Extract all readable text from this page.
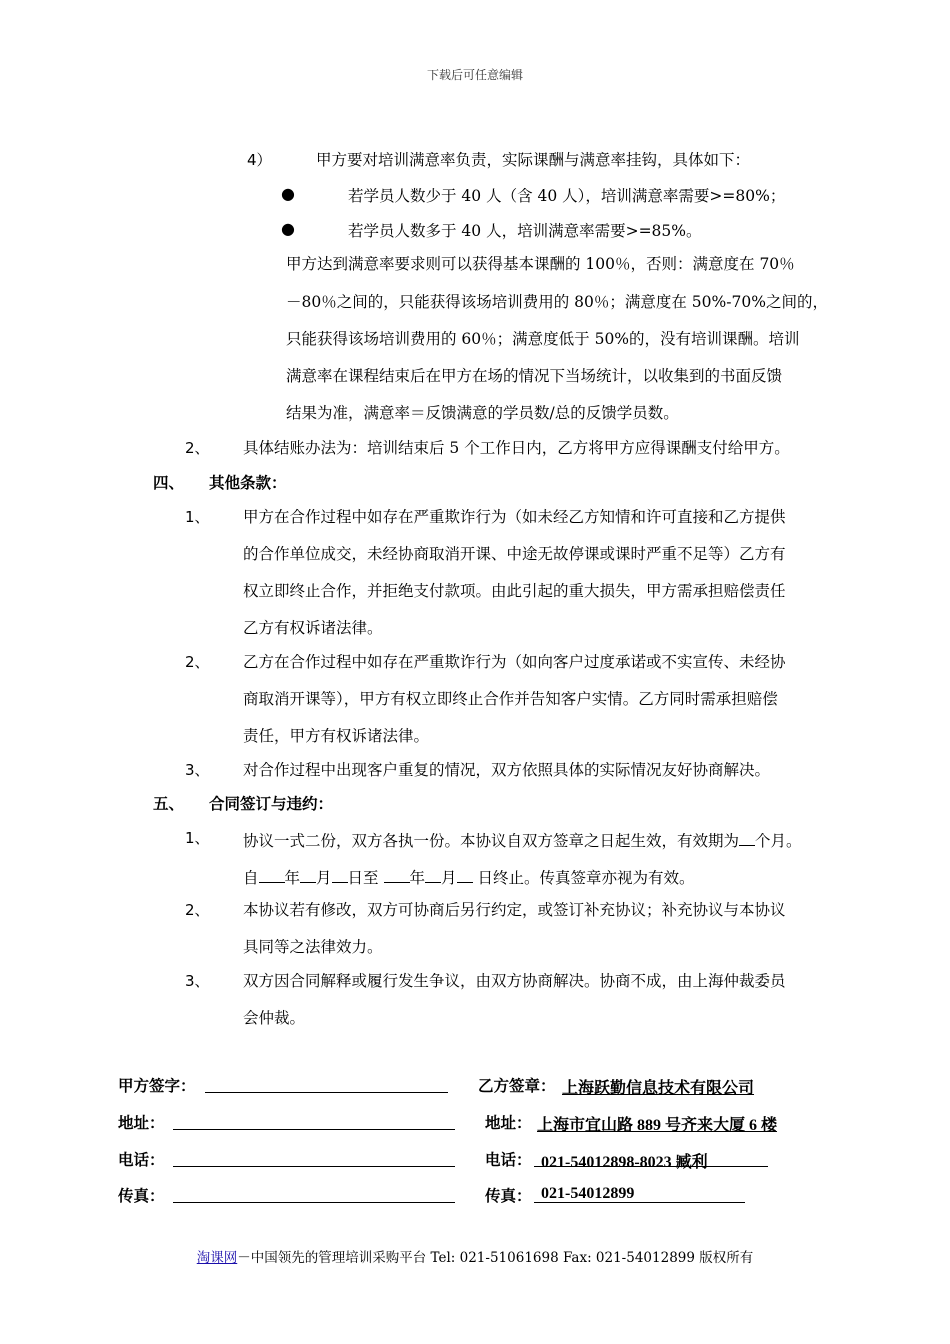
下载后可任意编辑
4）	甲方要对培训满意率负责，实际课酬与满意率挂钩，具体如下：
●	若学员人数少于 40 人（含 40 人），培训满意率需要>=80%；
●	若学员人数多于 40 人，培训满意率需要>=85%。
甲方达到满意率要求则可以获得基本课酬的 100％，否则：满意度在 70％
－80％之间的，只能获得该场培训费用的 80％；满意度在 50%-70%之间的，
只能获得该场培训费用的 60％；满意度低于 50%的，没有培训课酬。培训
满意率在课程结束后在甲方在场的情况下当场统计，以收集到的书面反馈
结果为准，满意率＝反馈满意的学员数/总的反馈学员数。
2、 具体结账办法为：培训结束后 5 个工作日内，乙方将甲方应得课酬支付给甲方。
四、 其他条款：
1、 甲方在合作过程中如存在严重欺诈行为（如未经乙方知情和许可直接和乙方提供
的合作单位成交，未经协商取消开课、中途无故停课或课时严重不足等）乙方有
权立即终止合作，并拒绝支付款项。由此引起的重大损失，甲方需承担赔偿责任
乙方有权诉诸法律。
2、 乙方在合作过程中如存在严重欺诈行为（如向客户过度承诺或不实宣传、未经协
商取消开课等），甲方有权立即终止合作并告知客户实情。乙方同时需承担赔偿
责任，甲方有权诉诸法律。
3、 对合作过程中出现客户重复的情况，双方依照具体的实际情况友好协商解决。
五、 合同签订与违约：
1、 协议一式二份，双方各执一份。本协议自双方签章之日起生效，有效期为 个月。
自 年 月 日至 年 月 日终止。传真签章亦视为有效。
2、 本协议若有修改，双方可协商后另行约定，或签订补充协议；补充协议与本协议
具同等之法律效力。
3、 双方因合同解释或履行发生争议，由双方协商解决。协商不成，由上海仲裁委员
会仲裁。
甲方签字：	乙方签章： 上海跃勤信息技术有限公司
地址：	地址： 上海市宜山路 889 号齐来大厦 6 楼
电话：	电话： 021-54012898-8023 臧利
传真：	传真： 021-54012899
淘课网－中国领先的管理培训采购平台 Tel: 021-51061698 Fax: 021-54012899 版权所有
